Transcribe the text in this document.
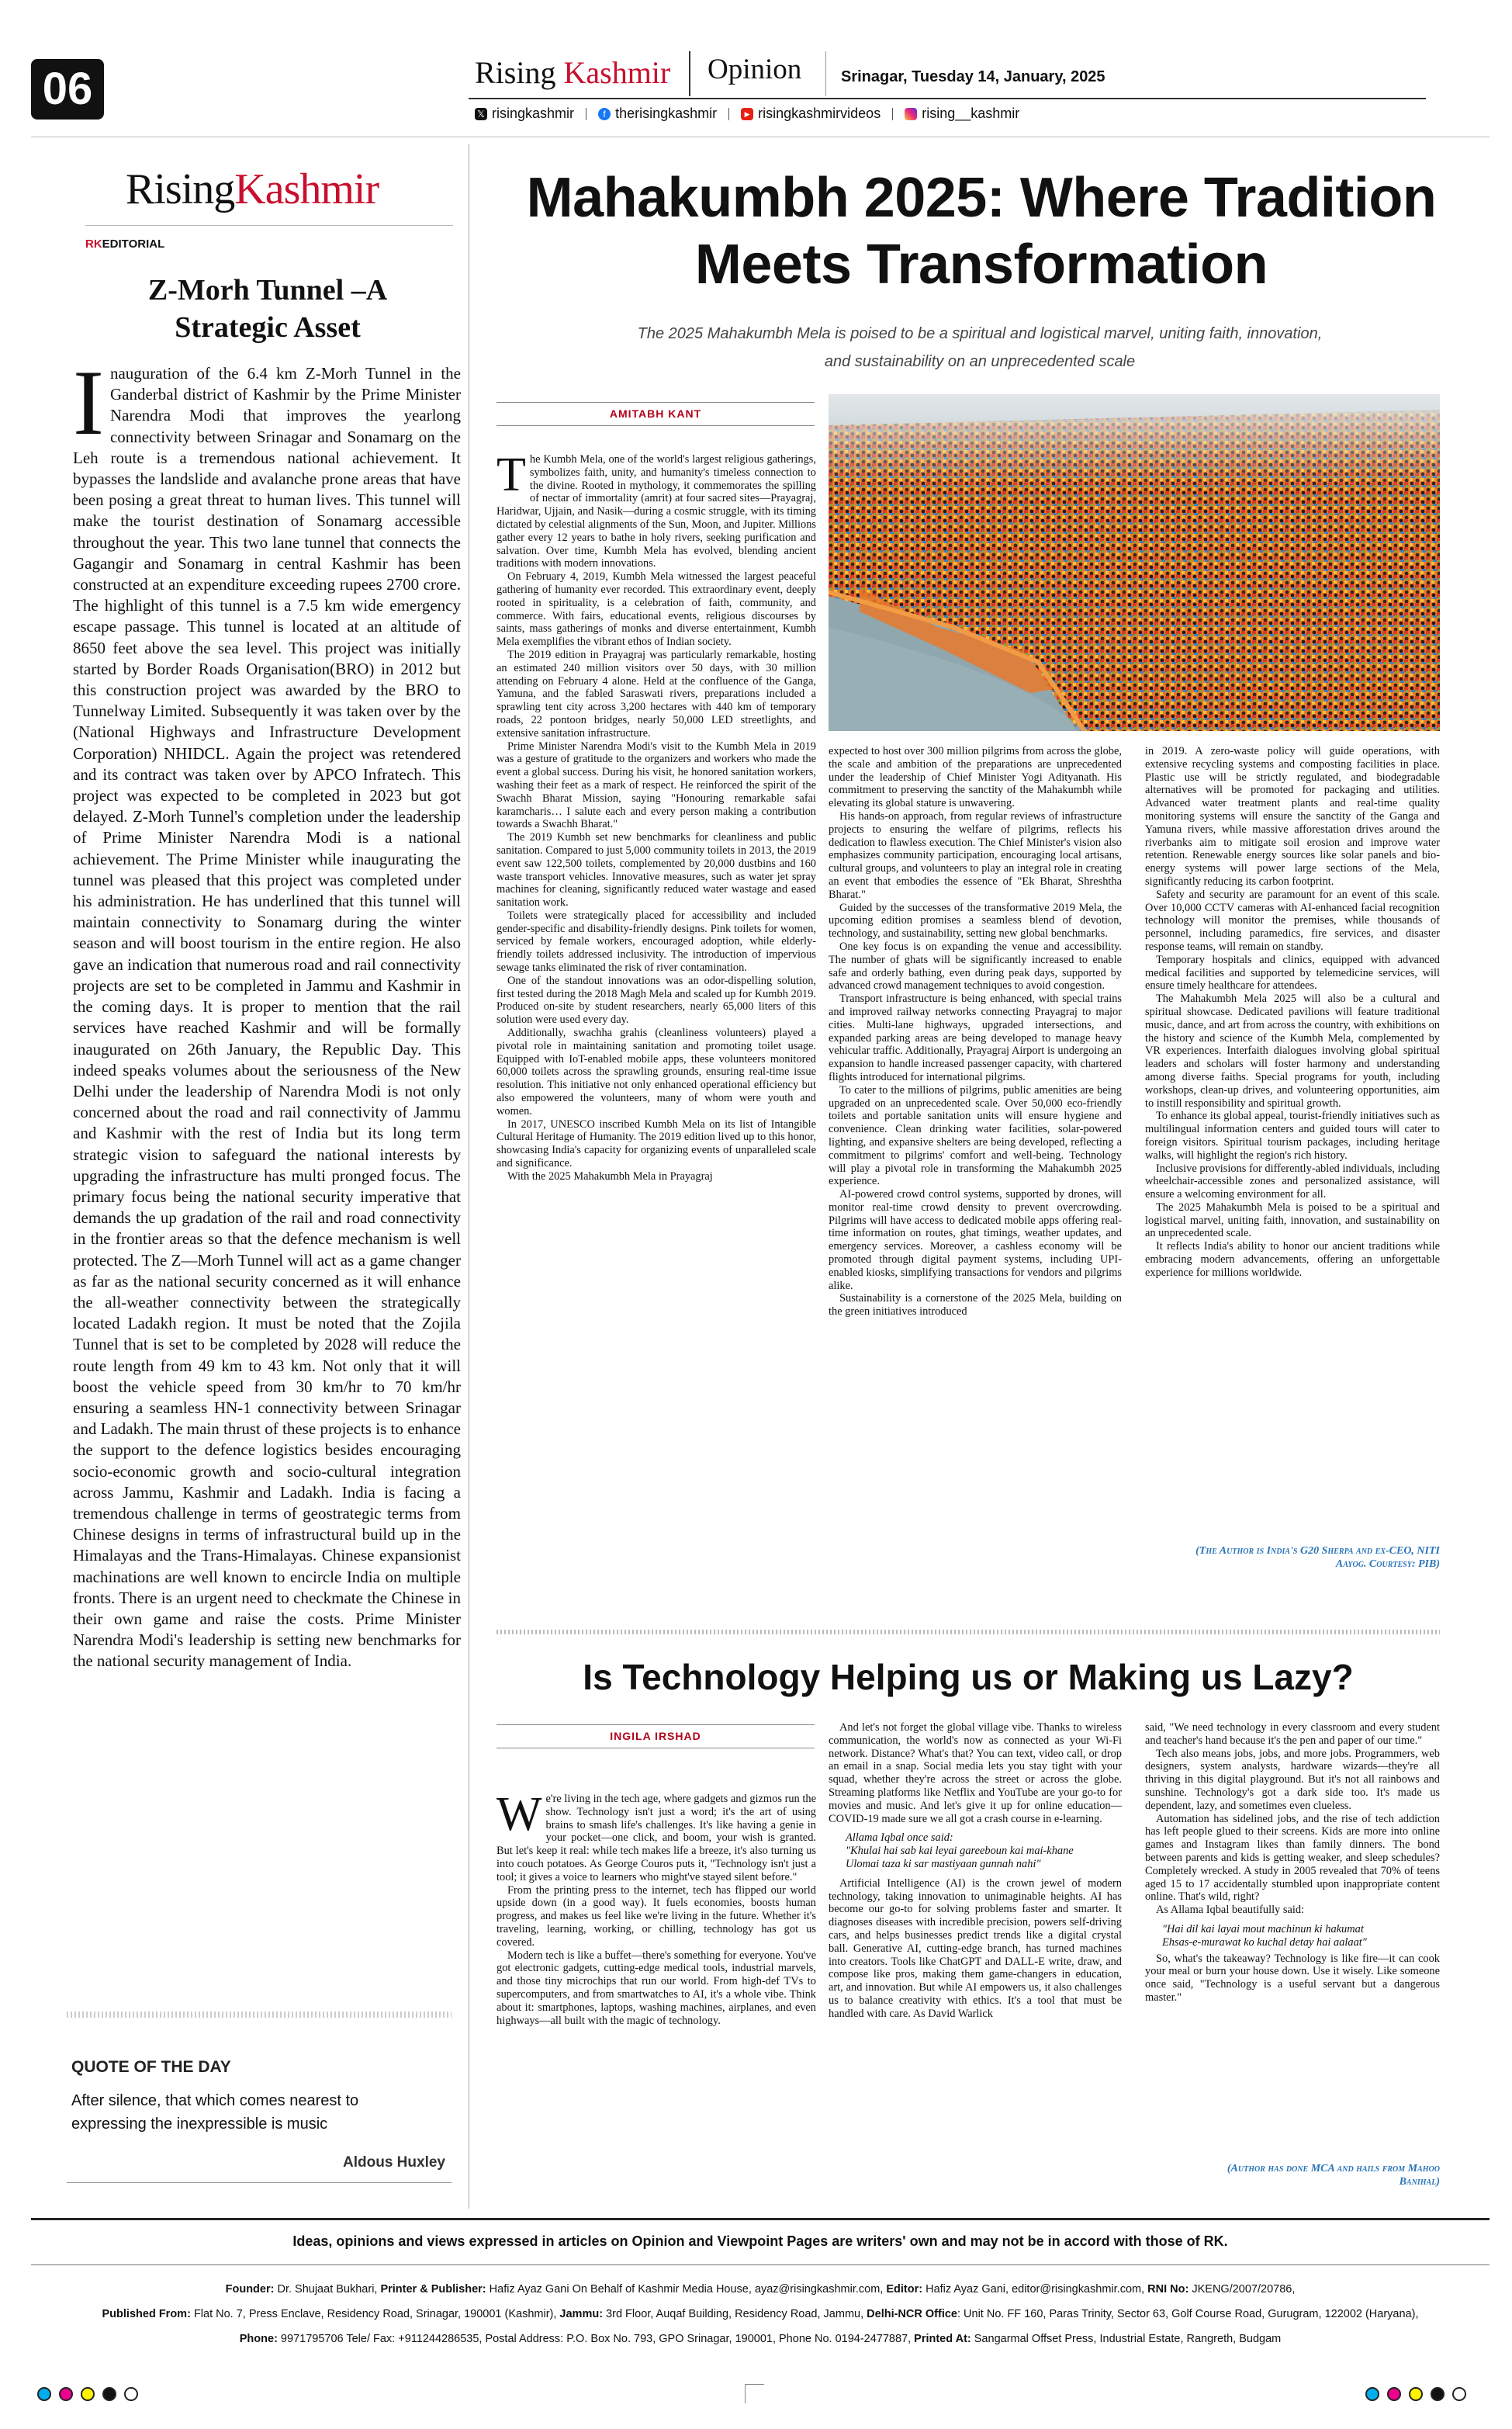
06	Rising Kashmir Opinion	Srinagar, Tuesday 14, January, 2025
𝕏 risingkashmir	f therisingkashmir	▶ risingkashmirvideos	rising__kashmir
RisingKashmir
RKEDITORIAL
Z-Morh Tunnel –A Strategic Asset
I nauguration of the 6.4 km Z-Morh Tunnel in the Ganderbal district of Kashmir by the Prime Minister Narendra Modi that improves the yearlong connectivity between Srinagar and Sonamarg on the Leh route is a tremendous national achievement. It bypasses the landslide and avalanche prone areas that have been posing a great threat to human lives. This tunnel will make the tourist destination of Sonamarg accessible throughout the year. This two lane tunnel that connects the Gagangir and Sonamarg in central Kashmir has been constructed at an expenditure exceeding rupees 2700 crore. The highlight of this tunnel is a 7.5 km wide emergency escape passage. This tunnel is located at an altitude of 8650 feet above the sea level. This project was initially started by Border Roads Organisation(BRO) in 2012 but this construction project was awarded by the BRO to Tunnelway Limited. Subsequently it was taken over by the (National Highways and Infrastructure Development Corporation) NHIDCL. Again the project was retendered and its contract was taken over by APCO Infratech. This project was expected to be completed in 2023 but got delayed. Z-Morh Tunnel's completion under the leadership of Prime Minister Narendra Modi is a national achievement. The Prime Minister while inaugurating the tunnel was pleased that this project was completed under his administration. He has underlined that this tunnel will maintain connectivity to Sonamarg during the winter season and will boost tourism in the entire region. He also gave an indication that numerous road and rail connectivity projects are set to be completed in Jammu and Kashmir in the coming days. It is proper to mention that the rail services have reached Kashmir and will be formally inaugurated on 26th January, the Republic Day. This indeed speaks volumes about the seriousness of the New Delhi under the leadership of Narendra Modi is not only concerned about the road and rail connectivity of Jammu and Kashmir with the rest of India but its long term strategic vision to safeguard the national interests by upgrading the infrastructure has multi pronged focus. The primary focus being the national security imperative that demands the up gradation of the rail and road connectivity in the frontier areas so that the defence mechanism is well protected. The Z—Morh Tunnel will act as a game changer as far as the national security concerned as it will enhance the all-weather connectivity between the strategically located Ladakh region. It must be noted that the Zojila Tunnel that is set to be completed by 2028 will reduce the route length from 49 km to 43 km. Not only that it will boost the vehicle speed from 30 km/hr to 70 km/hr ensuring a seamless HN-1 connectivity between Srinagar and Ladakh. The main thrust of these projects is to enhance the support to the defence logistics besides encouraging socio-economic growth and socio-cultural integration across Jammu, Kashmir and Ladakh. India is facing a tremendous challenge in terms of geostrategic terms from Chinese designs in terms of infrastructural build up in the Himalayas and the Trans-Himalayas. Chinese expansionist machinations are well known to encircle India on multiple fronts. There is an urgent need to checkmate the Chinese in their own game and raise the costs. Prime Minister Narendra Modi's leadership is setting new benchmarks for the national security management of India.

QUOTE OF THE DAY
After silence, that which comes nearest to expressing the inexpressible is music
Aldous Huxley
Mahakumbh 2025: Where Tradition
Meets Transformation
The 2025 Mahakumbh Mela is poised to be a spiritual and logistical marvel, uniting faith, innovation, and sustainability on an unprecedented scale
AMITABH KANT
T he Kumbh Mela, one of the world's largest religious gatherings, symbolizes faith, unity, and humanity's timeless connection to the divine. Rooted in mythology, it commemorates the spilling of nectar of immortality (amrit) at four sacred sites—Prayagraj, Haridwar, Ujjain, and Nasik—during a cosmic struggle, with its timing dictated by celestial alignments of the Sun, Moon, and Jupiter. Millions gather every 12 years to bathe in holy rivers, seeking purification and salvation. Over time, Kumbh Mela has evolved, blending ancient traditions with modern innovations.

On February 4, 2019, Kumbh Mela witnessed the largest peaceful gathering of humanity ever recorded. This extraordinary event, deeply rooted in spirituality, is a celebration of faith, community, and commerce. With fairs, educational events, religious discourses by saints, mass gatherings of monks and diverse entertainment, Kumbh Mela exemplifies the vibrant ethos of Indian society.

The 2019 edition in Prayagraj was particularly remarkable, hosting an estimated 240 million visitors over 50 days, with 30 million attending on February 4 alone. Held at the confluence of the Ganga, Yamuna, and the fabled Saraswati rivers, preparations included a sprawling tent city across 3,200 hectares with 440 km of temporary roads, 22 pontoon bridges, nearly 50,000 LED streetlights, and extensive sanitation infrastructure.

Prime Minister Narendra Modi's visit to the Kumbh Mela in 2019 was a gesture of gratitude to the organizers and workers who made the event a global success. During his visit, he honored sanitation workers, washing their feet as a mark of respect. He reinforced the spirit of the Swachh Bharat Mission, saying "Honouring remarkable safai karamcharis… I salute each and every person making a contribution towards a Swachh Bharat."

The 2019 Kumbh set new benchmarks for cleanliness and public sanitation. Compared to just 5,000 community toilets in 2013, the 2019 event saw 122,500 toilets, complemented by 20,000 dustbins and 160 waste transport vehicles. Innovative measures, such as water jet spray machines for cleaning, significantly reduced water wastage and eased sanitation work.

Toilets were strategically placed for accessibility and included gender-specific and disability-friendly designs. Pink toilets for women, serviced by female workers, encouraged adoption, while elderly-friendly toilets addressed inclusivity. The introduction of impervious sewage tanks eliminated the risk of river contamination.

One of the standout innovations was an odor-dispelling solution, first tested during the 2018 Magh Mela and scaled up for Kumbh 2019. Produced on-site by student researchers, nearly 65,000 liters of this solution were used every day.

Additionally, swachha grahis (cleanliness volunteers) played a pivotal role in maintaining sanitation and promoting toilet usage. Equipped with IoT-enabled mobile apps, these volunteers monitored 60,000 toilets across the sprawling grounds, ensuring real-time issue resolution. This initiative not only enhanced operational efficiency but also empowered the volunteers, many of whom were youth and women.

In 2017, UNESCO inscribed Kumbh Mela on its list of Intangible Cultural Heritage of Humanity. The 2019 edition lived up to this honor, showcasing India's capacity for organizing events of unparalleled scale and significance.

With the 2025 Mahakumbh Mela in Prayagraj

expected to host over 300 million pilgrims from across the globe, the scale and ambition of the preparations are unprecedented under the leadership of Chief Minister Yogi Adityanath. His commitment to preserving the sanctity of the Mahakumbh while elevating its global stature is unwavering.

His hands-on approach, from regular reviews of infrastructure projects to ensuring the welfare of pilgrims, reflects his dedication to flawless execution. The Chief Minister's vision also emphasizes community participation, encouraging local artisans, cultural groups, and volunteers to play an integral role in creating an event that embodies the essence of "Ek Bharat, Shreshtha Bharat."

Guided by the successes of the transformative 2019 Mela, the upcoming edition promises a seamless blend of devotion, technology, and sustainability, setting new global benchmarks.

One key focus is on expanding the venue and accessibility. The number of ghats will be significantly increased to enable safe and orderly bathing, even during peak days, supported by advanced crowd management techniques to avoid congestion.

Transport infrastructure is being enhanced, with special trains and improved railway networks connecting Prayagraj to major cities. Multi-lane highways, upgraded intersections, and expanded parking areas are being developed to manage heavy vehicular traffic. Additionally, Prayagraj Airport is undergoing an expansion to handle increased passenger capacity, with chartered flights introduced for international pilgrims.

To cater to the millions of pilgrims, public amenities are being upgraded on an unprecedented scale. Over 50,000 eco-friendly toilets and portable sanitation units will ensure hygiene and convenience. Clean drinking water facilities, solar-powered lighting, and expansive shelters are being developed, reflecting a commitment to pilgrims' comfort and well-being. Technology will play a pivotal role in transforming the Mahakumbh 2025 experience.

AI-powered crowd control systems, supported by drones, will monitor real-time crowd density to prevent overcrowding. Pilgrims will have access to dedicated mobile apps offering real-time information on routes, ghat timings, weather updates, and emergency services. Moreover, a cashless economy will be promoted through digital payment systems, including UPI-enabled kiosks, simplifying transactions for vendors and pilgrims alike.

Sustainability is a cornerstone of the 2025 Mela, building on the green initiatives introduced

in 2019. A zero-waste policy will guide operations, with extensive recycling systems and composting facilities in place. Plastic use will be strictly regulated, and biodegradable alternatives will be promoted for packaging and utilities. Advanced water treatment plants and real-time quality monitoring systems will ensure the sanctity of the Ganga and Yamuna rivers, while massive afforestation drives around the riverbanks aim to mitigate soil erosion and improve water retention. Renewable energy sources like solar panels and bio-energy systems will power large sections of the Mela, significantly reducing its carbon footprint.

Safety and security are paramount for an event of this scale. Over 10,000 CCTV cameras with AI-enhanced facial recognition technology will monitor the premises, while thousands of personnel, including paramedics, fire services, and disaster response teams, will remain on standby.

Temporary hospitals and clinics, equipped with advanced medical facilities and supported by telemedicine services, will ensure timely healthcare for attendees.

The Mahakumbh Mela 2025 will also be a cultural and spiritual showcase. Dedicated pavilions will feature traditional music, dance, and art from across the country, with exhibitions on the history and science of the Kumbh Mela, complemented by VR experiences. Interfaith dialogues involving global spiritual leaders and scholars will foster harmony and understanding among diverse faiths. Special programs for youth, including workshops, clean-up drives, and volunteering opportunities, aim to instill responsibility and spiritual growth.

To enhance its global appeal, tourist-friendly initiatives such as multilingual information centers and guided tours will cater to foreign visitors. Spiritual tourism packages, including heritage walks, will highlight the region's rich history.

Inclusive provisions for differently-abled individuals, including wheelchair-accessible zones and personalized assistance, will ensure a welcoming environment for all.

The 2025 Mahakumbh Mela is poised to be a spiritual and logistical marvel, uniting faith, innovation, and sustainability on an unprecedented scale.

It reflects India's ability to honor our ancient traditions while embracing modern advancements, offering an unforgettable experience for millions worldwide.

(The Author is India's G20 Sherpa and ex-CEO, NITI Aayog. Courtesy: PIB)
Is Technology Helping us or Making us Lazy?
INGILA IRSHAD
W e're living in the tech age, where gadgets and gizmos run the show. Technology isn't just a word; it's the art of using brains to smash life's challenges. It's like having a genie in your pocket—one click, and boom, your wish is granted. But let's keep it real: while tech makes life a breeze, it's also turning us into couch potatoes. As George Couros puts it, "Technology isn't just a tool; it gives a voice to learners who might've stayed silent before."

From the printing press to the internet, tech has flipped our world upside down (in a good way). It fuels economies, boosts human progress, and makes us feel like we're living in the future. Whether it's traveling, learning, working, or chilling, technology has got us covered.

Modern tech is like a buffet—there's something for everyone. You've got electronic gadgets, cutting-edge medical tools, industrial marvels, and those tiny microchips that run our world. From high-def TVs to supercomputers, and from smartwatches to AI, it's a whole vibe. Think about it: smartphones, laptops, washing machines, airplanes, and even highways—all built with the magic of technology.

And let's not forget the global village vibe. Thanks to wireless communication, the world's now as connected as your Wi-Fi network. Distance? What's that? You can text, video call, or drop an email in a snap. Social media lets you stay tight with your squad, whether they're across the street or across the globe. Streaming platforms like Netflix and YouTube are your go-to for movies and music. And let's give it up for online education—COVID-19 made sure we all got a crash course in e-learning.

Allama Iqbal once said:
"Khulai hai sab kai leyai gareeboun kai mai-khane
Ulomai taza ki sar mastiyaan gunnah nahi"

Artificial Intelligence (AI) is the crown jewel of modern technology, taking innovation to unimaginable heights. AI has become our go-to for solving problems faster and smarter. It diagnoses diseases with incredible precision, powers self-driving cars, and helps businesses predict trends like a digital crystal ball. Generative AI, cutting-edge branch, has turned machines into creators. Tools like ChatGPT and DALL-E write, draw, and compose like pros, making them game-changers in education, art, and innovation. But while AI empowers us, it also challenges us to balance creativity with ethics. It's a tool that must be handled with care. As David Warlick

said, "We need technology in every classroom and every student and teacher's hand because it's the pen and paper of our time."

Tech also means jobs, jobs, and more jobs. Programmers, web designers, system analysts, hardware wizards—they're all thriving in this digital playground. But it's not all rainbows and sunshine. Technology's got a dark side too. It's made us dependent, lazy, and sometimes even clueless.

Automation has sidelined jobs, and the rise of tech addiction has left people glued to their screens. Kids are more into online games and Instagram likes than family dinners. The bond between parents and kids is getting weaker, and sleep schedules? Completely wrecked. A study in 2005 revealed that 70% of teens aged 15 to 17 accidentally stumbled upon inappropriate content online. That's wild, right?

As Allama Iqbal beautifully said:

"Hai dil kai layai mout machinun ki hakumat
Ehsas-e-murawat ko kuchal detay hai aalaat"

So, what's the takeaway? Technology is like fire—it can cook your meal or burn your house down. Use it wisely. Like someone once said, "Technology is a useful servant but a dangerous master."

(Author has done MCA and hails from Mahoo Banihal)
Ideas, opinions and views expressed in articles on Opinion and Viewpoint Pages are writers' own and may not be in accord with those of RK.
Founder: Dr. Shujaat Bukhari, Printer & Publisher: Hafiz Ayaz Gani On Behalf of Kashmir Media House, ayaz@risingkashmir.com, Editor: Hafiz Ayaz Gani, editor@risingkashmir.com, RNI No: JKENG/2007/20786,
Published From: Flat No. 7, Press Enclave, Residency Road, Srinagar, 190001 (Kashmir), Jammu: 3rd Floor, Auqaf Building, Residency Road, Jammu, Delhi-NCR Office: Unit No. FF 160, Paras Trinity, Sector 63, Golf Course Road, Gurugram, 122002 (Haryana),
Phone: 9971795706 Tele/ Fax: +911244286535, Postal Address: P.O. Box No. 793, GPO Srinagar, 190001, Phone No. 0194-2477887, Printed At: Sangarmal Offset Press, Industrial Estate, Rangreth, Budgam
